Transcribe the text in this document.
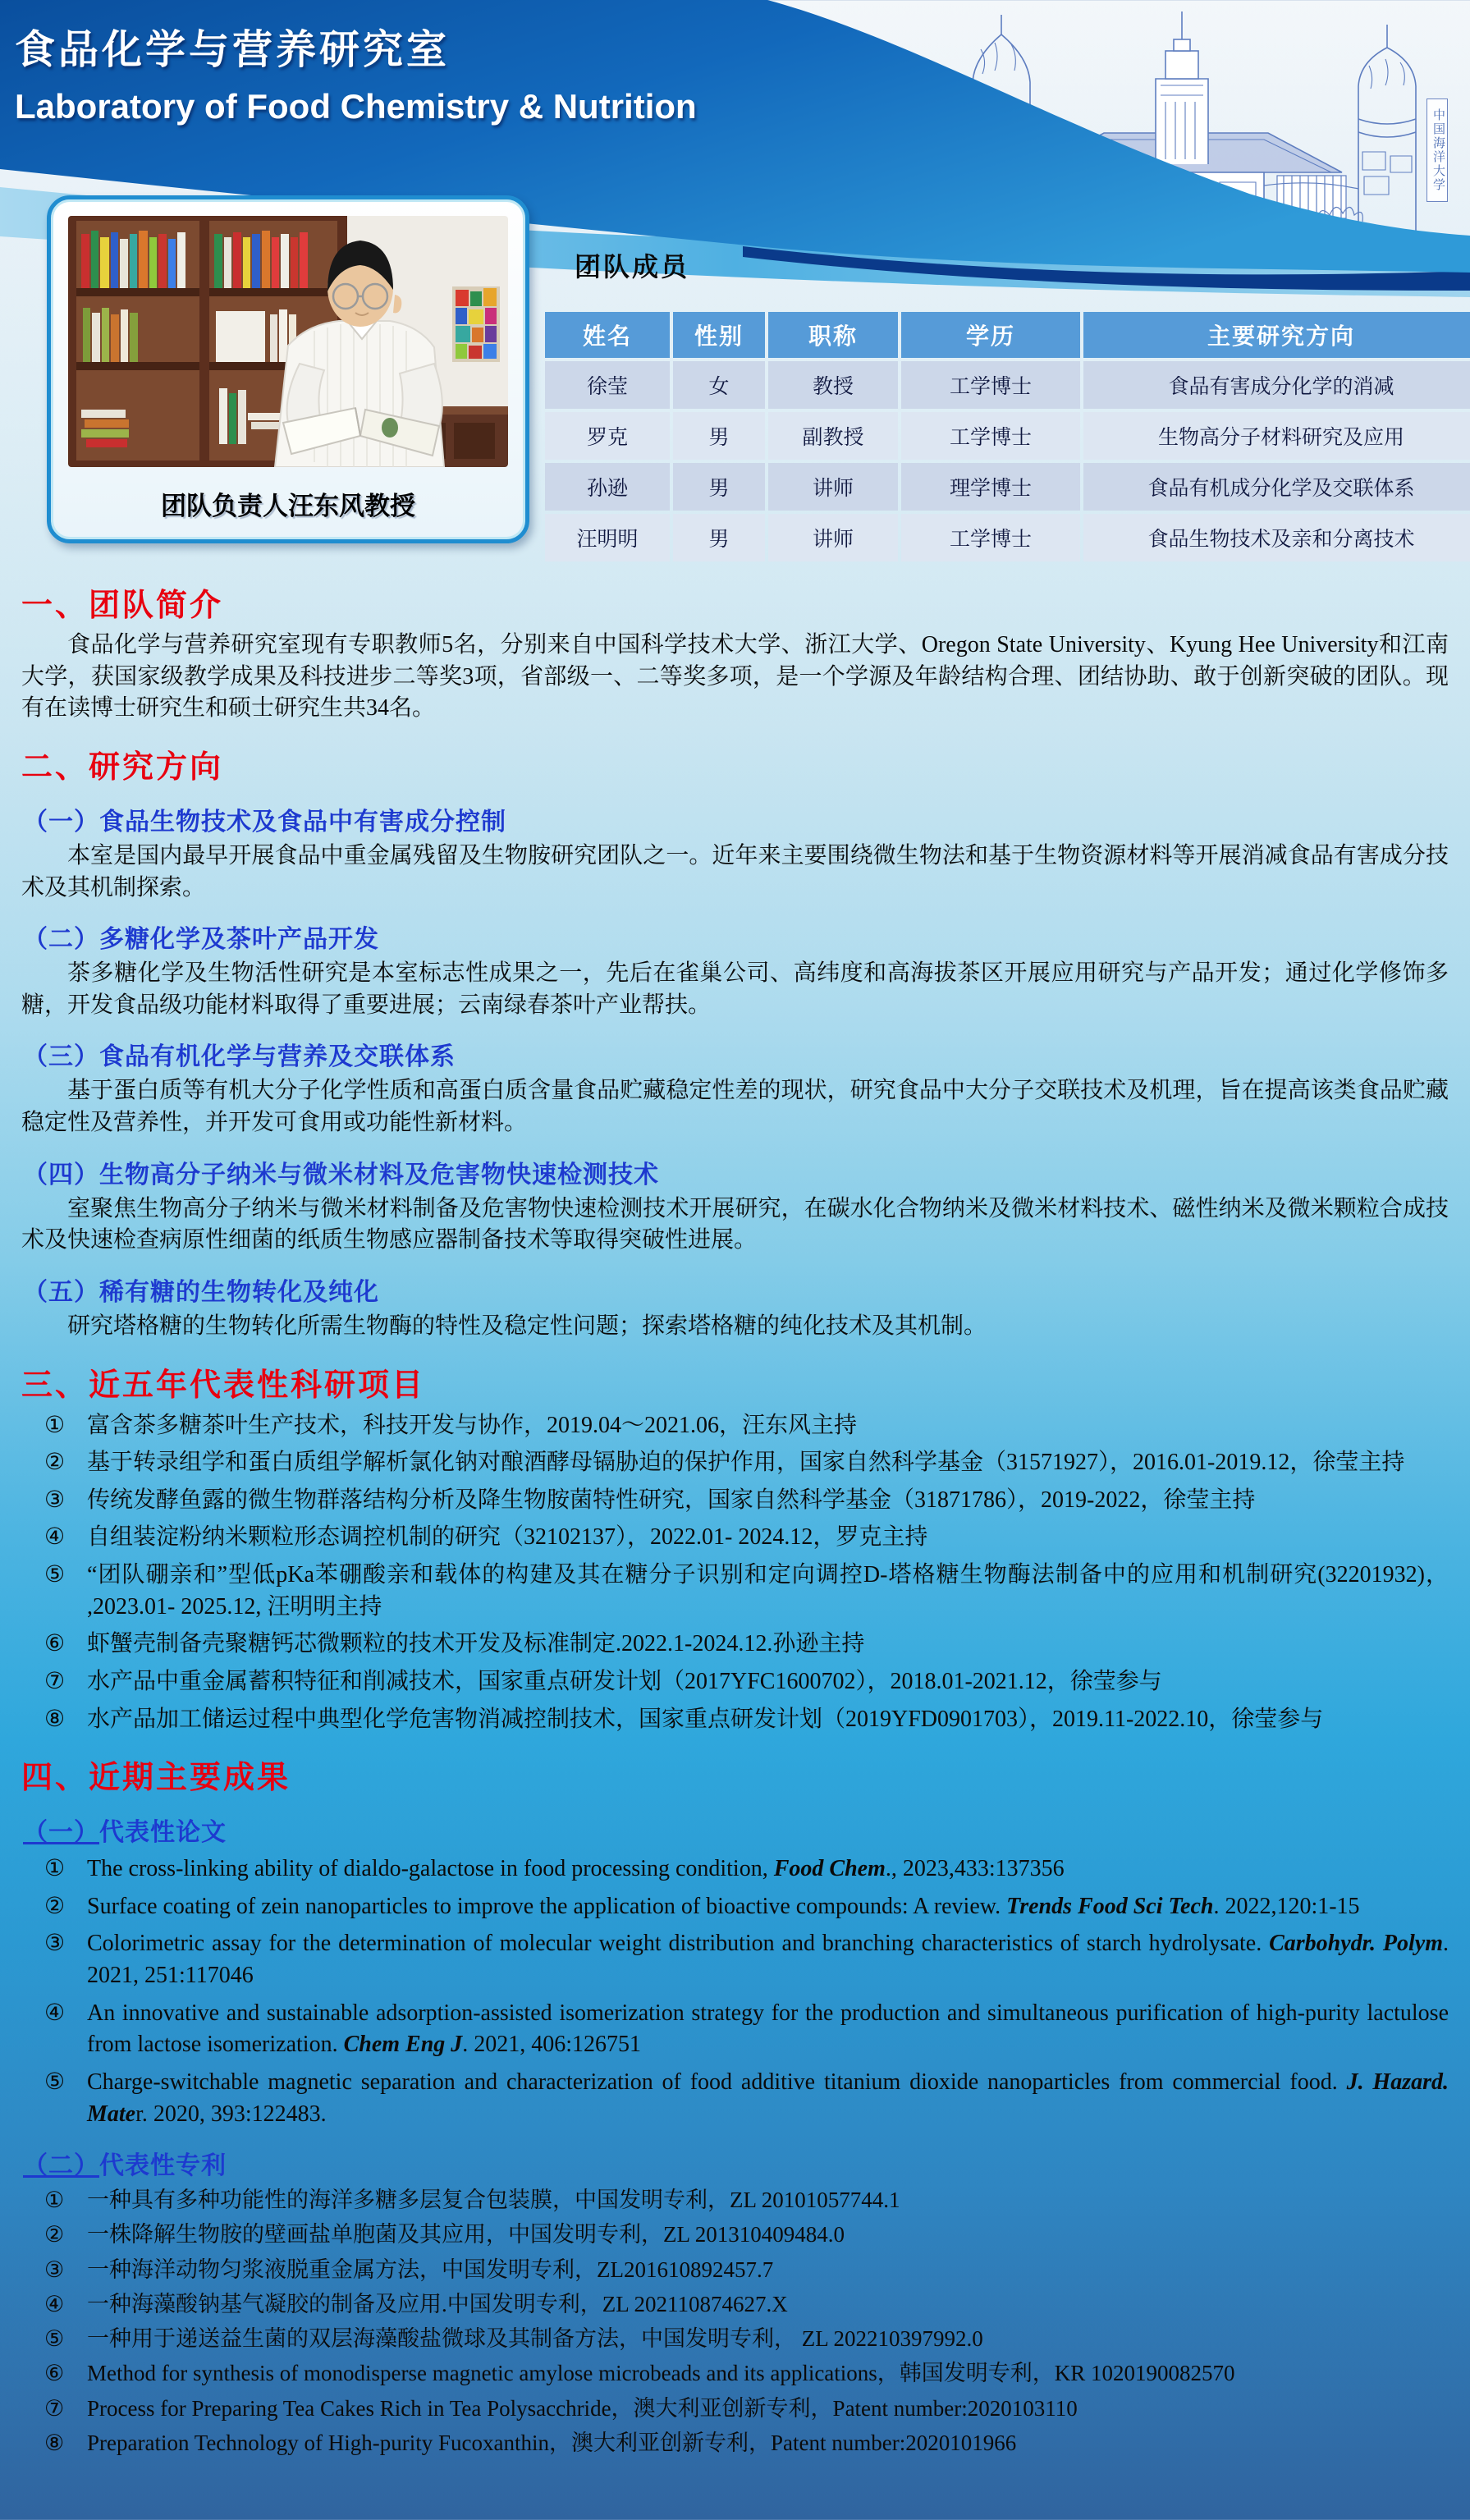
食品化学与营养研究室
Laboratory of Food Chemistry & Nutrition
中国海洋大学
团队负责人汪东风教授
团队成员
姓名	性别	职称	学历	主要研究方向
徐莹	女	教授	工学博士	食品有害成分化学的消减
罗克	男	副教授	工学博士	生物高分子材料研究及应用
孙逊	男	讲师	理学博士	食品有机成分化学及交联体系
汪明明	男	讲师	工学博士	食品生物技术及亲和分离技术
一、团队简介

食品化学与营养研究室现有专职教师5名，分别来自中国科学技术大学、浙江大学、Oregon State University、Kyung Hee University和江南大学，获国家级教学成果及科技进步二等奖3项，省部级一、二等奖多项，是一个学源及年龄结构合理、团结协助、敢于创新突破的团队。现有在读博士研究生和硕士研究生共34名。

二、研究方向
（一）食品生物技术及食品中有害成分控制

本室是国内最早开展食品中重金属残留及生物胺研究团队之一。近年来主要围绕微生物法和基于生物资源材料等开展消减食品有害成分技术及其机制探索。

（二）多糖化学及茶叶产品开发

茶多糖化学及生物活性研究是本室标志性成果之一，先后在雀巢公司、高纬度和高海拔茶区开展应用研究与产品开发；通过化学修饰多糖，开发食品级功能材料取得了重要进展；云南绿春茶叶产业帮扶。

（三）食品有机化学与营养及交联体系

基于蛋白质等有机大分子化学性质和高蛋白质含量食品贮藏稳定性差的现状，研究食品中大分子交联技术及机理，旨在提高该类食品贮藏稳定性及营养性，并开发可食用或功能性新材料。

（四）生物高分子纳米与微米材料及危害物快速检测技术

室聚焦生物高分子纳米与微米材料制备及危害物快速检测技术开展研究，在碳水化合物纳米及微米材料技术、磁性纳米及微米颗粒合成技术及快速检查病原性细菌的纸质生物感应器制备技术等取得突破性进展。

（五）稀有糖的生物转化及纯化

研究塔格糖的生物转化所需生物酶的特性及稳定性问题；探索塔格糖的纯化技术及其机制。

三、近五年代表性科研项目
① 富含茶多糖茶叶生产技术，科技开发与协作，2019.04～2021.06，汪东风主持
② 基于转录组学和蛋白质组学解析氯化钠对酿酒酵母镉胁迫的保护作用，国家自然科学基金（31571927），2016.01-2019.12，徐莹主持
③ 传统发酵鱼露的微生物群落结构分析及降生物胺菌特性研究，国家自然科学基金（31871786），2019-2022，徐莹主持
④ 自组装淀粉纳米颗粒形态调控机制的研究（32102137），2022.01- 2024.12，罗克主持
⑤ “团队硼亲和”型低pKa苯硼酸亲和载体的构建及其在糖分子识别和定向调控D-塔格糖生物酶法制备中的应用和机制研究(32201932)， ,2023.01- 2025.12, 汪明明主持
⑥ 虾蟹壳制备壳聚糖钙芯微颗粒的技术开发及标准制定.2022.1-2024.12.孙逊主持
⑦ 水产品中重金属蓄积特征和削减技术，国家重点研发计划（2017YFC1600702），2018.01-2021.12，徐莹参与
⑧ 水产品加工储运过程中典型化学危害物消减控制技术，国家重点研发计划（2019YFD0901703），2019.11-2022.10，徐莹参与
四、近期主要成果
（一）代表性论文
① The cross-linking ability of dialdo-galactose in food processing condition, Food Chem., 2023,433:137356
② Surface coating of zein nanoparticles to improve the application of bioactive compounds: A review. Trends Food Sci Tech. 2022,120:1-15
③ Colorimetric assay for the determination of molecular weight distribution and branching characteristics of starch hydrolysate. Carbohydr. Polym. 2021, 251:117046
④ An innovative and sustainable adsorption-assisted isomerization strategy for the production and simultaneous purification of high-purity lactulose from lactose isomerization. Chem Eng J. 2021, 406:126751
⑤ Charge-switchable magnetic separation and characterization of food additive titanium dioxide nanoparticles from commercial food. J. Hazard. Mater. 2020, 393:122483.
（二）代表性专利
①	一种具有多种功能性的海洋多糖多层复合包装膜，中国发明专利，ZL 20101057744.1
②	一株降解生物胺的壁画盐单胞菌及其应用，中国发明专利，ZL 201310409484.0
③	一种海洋动物匀浆液脱重金属方法，中国发明专利，ZL201610892457.7
④	一种海藻酸钠基气凝胶的制备及应用.中国发明专利，ZL 202110874627.X
⑤	一种用于递送益生菌的双层海藻酸盐微球及其制备方法，中国发明专利， ZL 202210397992.0
⑥	Method for synthesis of monodisperse magnetic amylose microbeads and its applications，韩国发明专利，KR 1020190082570
⑦	Process for Preparing Tea Cakes Rich in Tea Polysacchride，澳大利亚创新专利，Patent number:2020103110
⑧	Preparation Technology of High-purity Fucoxanthin，澳大利亚创新专利，Patent number:2020101966
